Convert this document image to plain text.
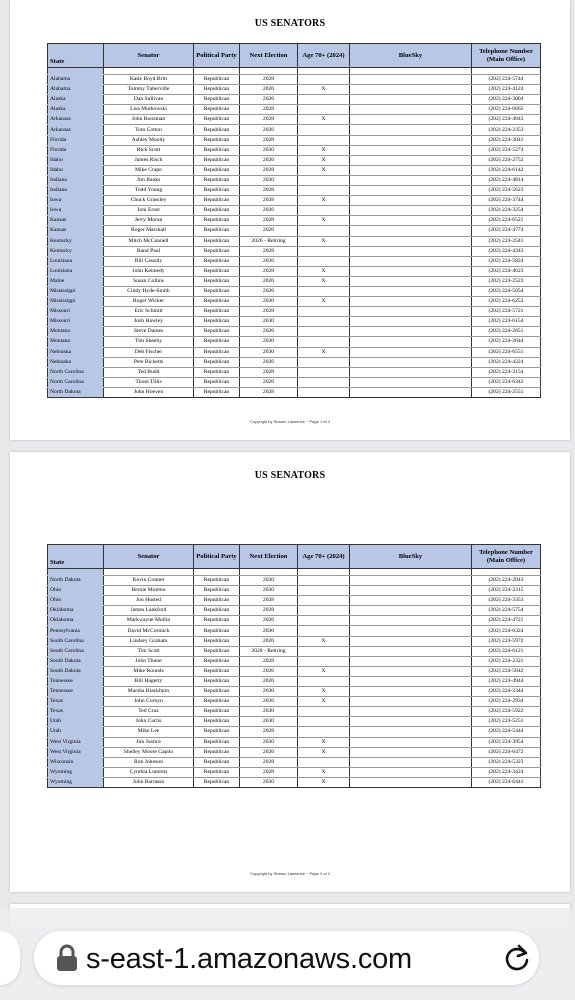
US SENATORS
State	Senator	Political Party	Next Election	Age 70+ (2024)	BlueSky	Telephone Number (Main Office)

Alabama	Katie Boyd Britt	Republican	2028			(202) 224-5744
Alabama	Tommy Tuberville	Republican	2026	X		(202) 224-4124
Alaska	Dan Sullivan	Republican	2026			(202) 224-3004
Alaska	Lisa Murkowski	Republican	2028			(202) 224-6665
Arkansas	John Boozman	Republican	2028	X		(202) 224-4843
Arkansas	Tom Cotton	Republican	2026			(202) 224-2353
Florida	Ashley Moody	Republican	2028			(202) 224-3041
Florida	Rick Scott	Republican	2030	X		(202) 224-5274
Idaho	James Risch	Republican	2026	X		(202) 224-2752
Idaho	Mike Crapo	Republican	2028	X		(202) 224-6142
Indiana	Jim Banks	Republican	2030			(202) 224-4814
Indiana	Todd Young	Republican	2028			(202) 224-5623
Iowa	Chuck Grassley	Republican	2028	X		(202) 224-3744
Iowa	Joni Ernst	Republican	2026			(202) 224-3254
Kansas	Jerry Moran	Republican	2028	X		(202) 224-6521
Kansas	Roger Marshall	Republican	2026			(202) 224-4774
Kentucky	Mitch McConnell	Republican	2026 - Retiring	X		(202) 224-2541
Kentucky	Rand Paul	Republican	2028			(202) 224-4343
Louisiana	Bill Cassidy	Republican	2026			(202) 224-5824
Louisiana	John Kennedy	Republican	2028	X		(202) 224-4623
Maine	Susan Collins	Republican	2026	X		(202) 224-2523
Mississippi	Cindy Hyde-Smith	Republican	2026			(202) 224-5054
Mississippi	Roger Wicker	Republican	2030	X		(202) 224-6253
Missouri	Eric Schmitt	Republican	2028			(202) 224-5721
Missouri	Josh Hawley	Republican	2030			(202) 224-6154
Montana	Steve Daines	Republican	2026			(202) 224-2651
Montana	Tim Sheehy	Republican	2030			(202) 224-2644
Nebraska	Deb Fischer	Republican	2030	X		(202) 224-6551
Nebraska	Pete Ricketts	Republican	2026			(202) 224-4224
North Carolina	Ted Budd	Republican	2028			(202) 224-3154
North Carolina	Thom Tillis	Republican	2026			(202) 224-6342
North Dakota	John Hoeven	Republican	2028			(202) 224-2551
Copyright by Sharon Lawrence ~ Page 1 of 4
US SENATORS
State	Senator	Political Party	Next Election	Age 70+ (2024)	BlueSky	Telephone Number (Main Office)

North Dakota	Kevin Cramer	Republican	2030			(202) 224-2043
Ohio	Bernie Moreno	Republican	2030			(202) 224-2315
Ohio	Jon Husted	Republican	2028			(202) 224-3353
Oklahoma	James Lankford	Republican	2028			(202) 224-5754
Oklahoma	Markwayne Mullin	Republican	2026			(202) 224-4721
Pennsylvania	David McCormick	Republican	2030			(202) 224-6324
South Carolina	Lindsey Graham	Republican	2026	X		(202) 224-5972
South Carolina	Tim Scott	Republican	2028 - Retiring			(202) 224-6121
South Dakota	John Thune	Republican	2028			(202) 224-2321
South Dakota	Mike Rounds	Republican	2026	X		(202) 224-5842
Tennessee	Bill Hagerty	Republican	2026			(202) 224-4944
Tennessee	Marsha Blackburn	Republican	2030	X		(202) 224-3344
Texas	John Cornyn	Republican	2026	X		(202) 224-2934
Texas	Ted Cruz	Republican	2030			(202) 224-5922
Utah	John Curtis	Republican	2030			(202) 224-5251
Utah	Mike Lee	Republican	2028			(202) 224-5444
West Virginia	Jim Justice	Republican	2030	X		(202) 224-3954
West Virginia	Shelley Moore Capito	Republican	2026	X		(202) 224-6472
Wisconsin	Ron Johnson	Republican	2028			(202) 224-5323
Wyoming	Cynthia Lummis	Republican	2028	X		(202) 224-3424
Wyoming	John Barrasso	Republican	2030	X		(202) 224-6441
Copyright by Sharon Lawrence ~ Page 2 of 4
s-east-1.amazonaws.com
